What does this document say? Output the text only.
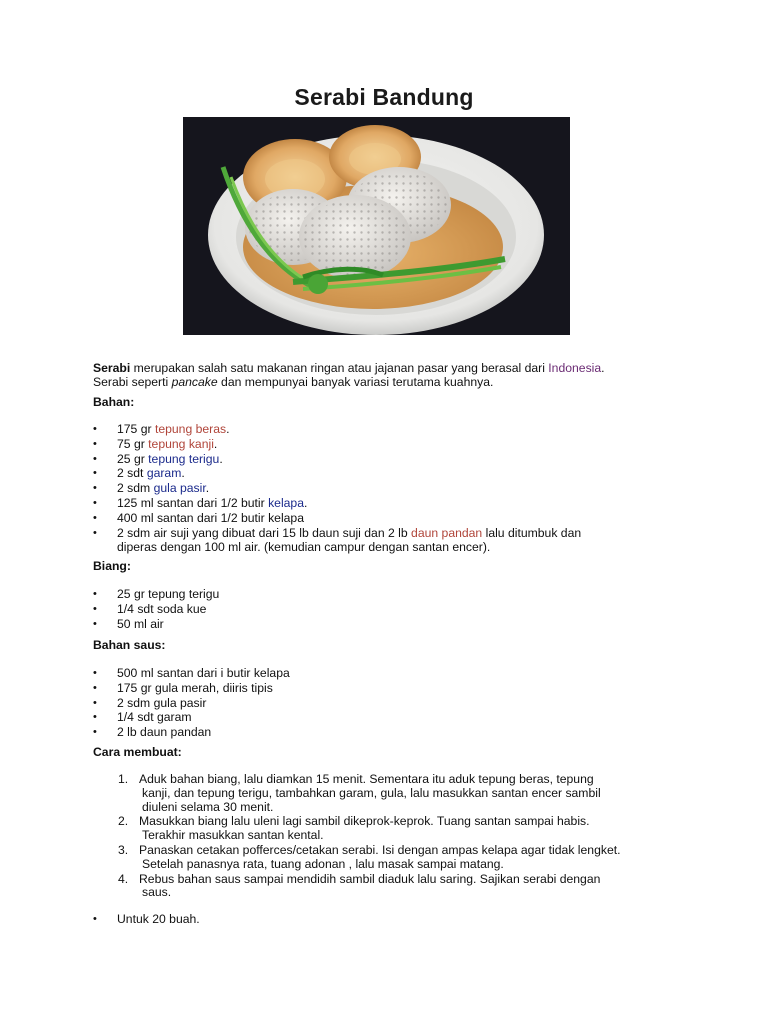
Serabi Bandung
Serabi merupakan salah satu makanan ringan atau jajanan pasar yang berasal dari Indonesia.
Serabi seperti pancake dan mempunyai banyak variasi terutama kuahnya.
Bahan:
• 175 gr tepung beras.
• 75 gr tepung kanji.
• 25 gr tepung terigu.
• 2 sdt garam.
• 2 sdm gula pasir.
• 125 ml santan dari 1/2 butir kelapa.
• 400 ml santan dari 1/2 butir kelapa
• 2 sdm air suji yang dibuat dari 15 lb daun suji dan 2 lb daun pandan lalu ditumbuk dan
diperas dengan 100 ml air. (kemudian campur dengan santan encer).
Biang:
• 25 gr tepung terigu
• 1/4 sdt soda kue
• 50 ml air
Bahan saus:
• 500 ml santan dari i butir kelapa
• 175 gr gula merah, diiris tipis
• 2 sdm gula pasir
• 1/4 sdt garam
• 2 lb daun pandan
Cara membuat:
1. Aduk bahan biang, lalu diamkan 15 menit. Sementara itu aduk tepung beras, tepung
kanji, dan tepung terigu, tambahkan garam, gula, lalu masukkan santan encer sambil
diuleni selama 30 menit.
2. Masukkan biang lalu uleni lagi sambil dikeprok-keprok. Tuang santan sampai habis.
Terakhir masukkan santan kental.
3. Panaskan cetakan pofferces/cetakan serabi. Isi dengan ampas kelapa agar tidak lengket.
Setelah panasnya rata, tuang adonan , lalu masak sampai matang.
4. Rebus bahan saus sampai mendidih sambil diaduk lalu saring. Sajikan serabi dengan
saus.
• Untuk 20 buah.
